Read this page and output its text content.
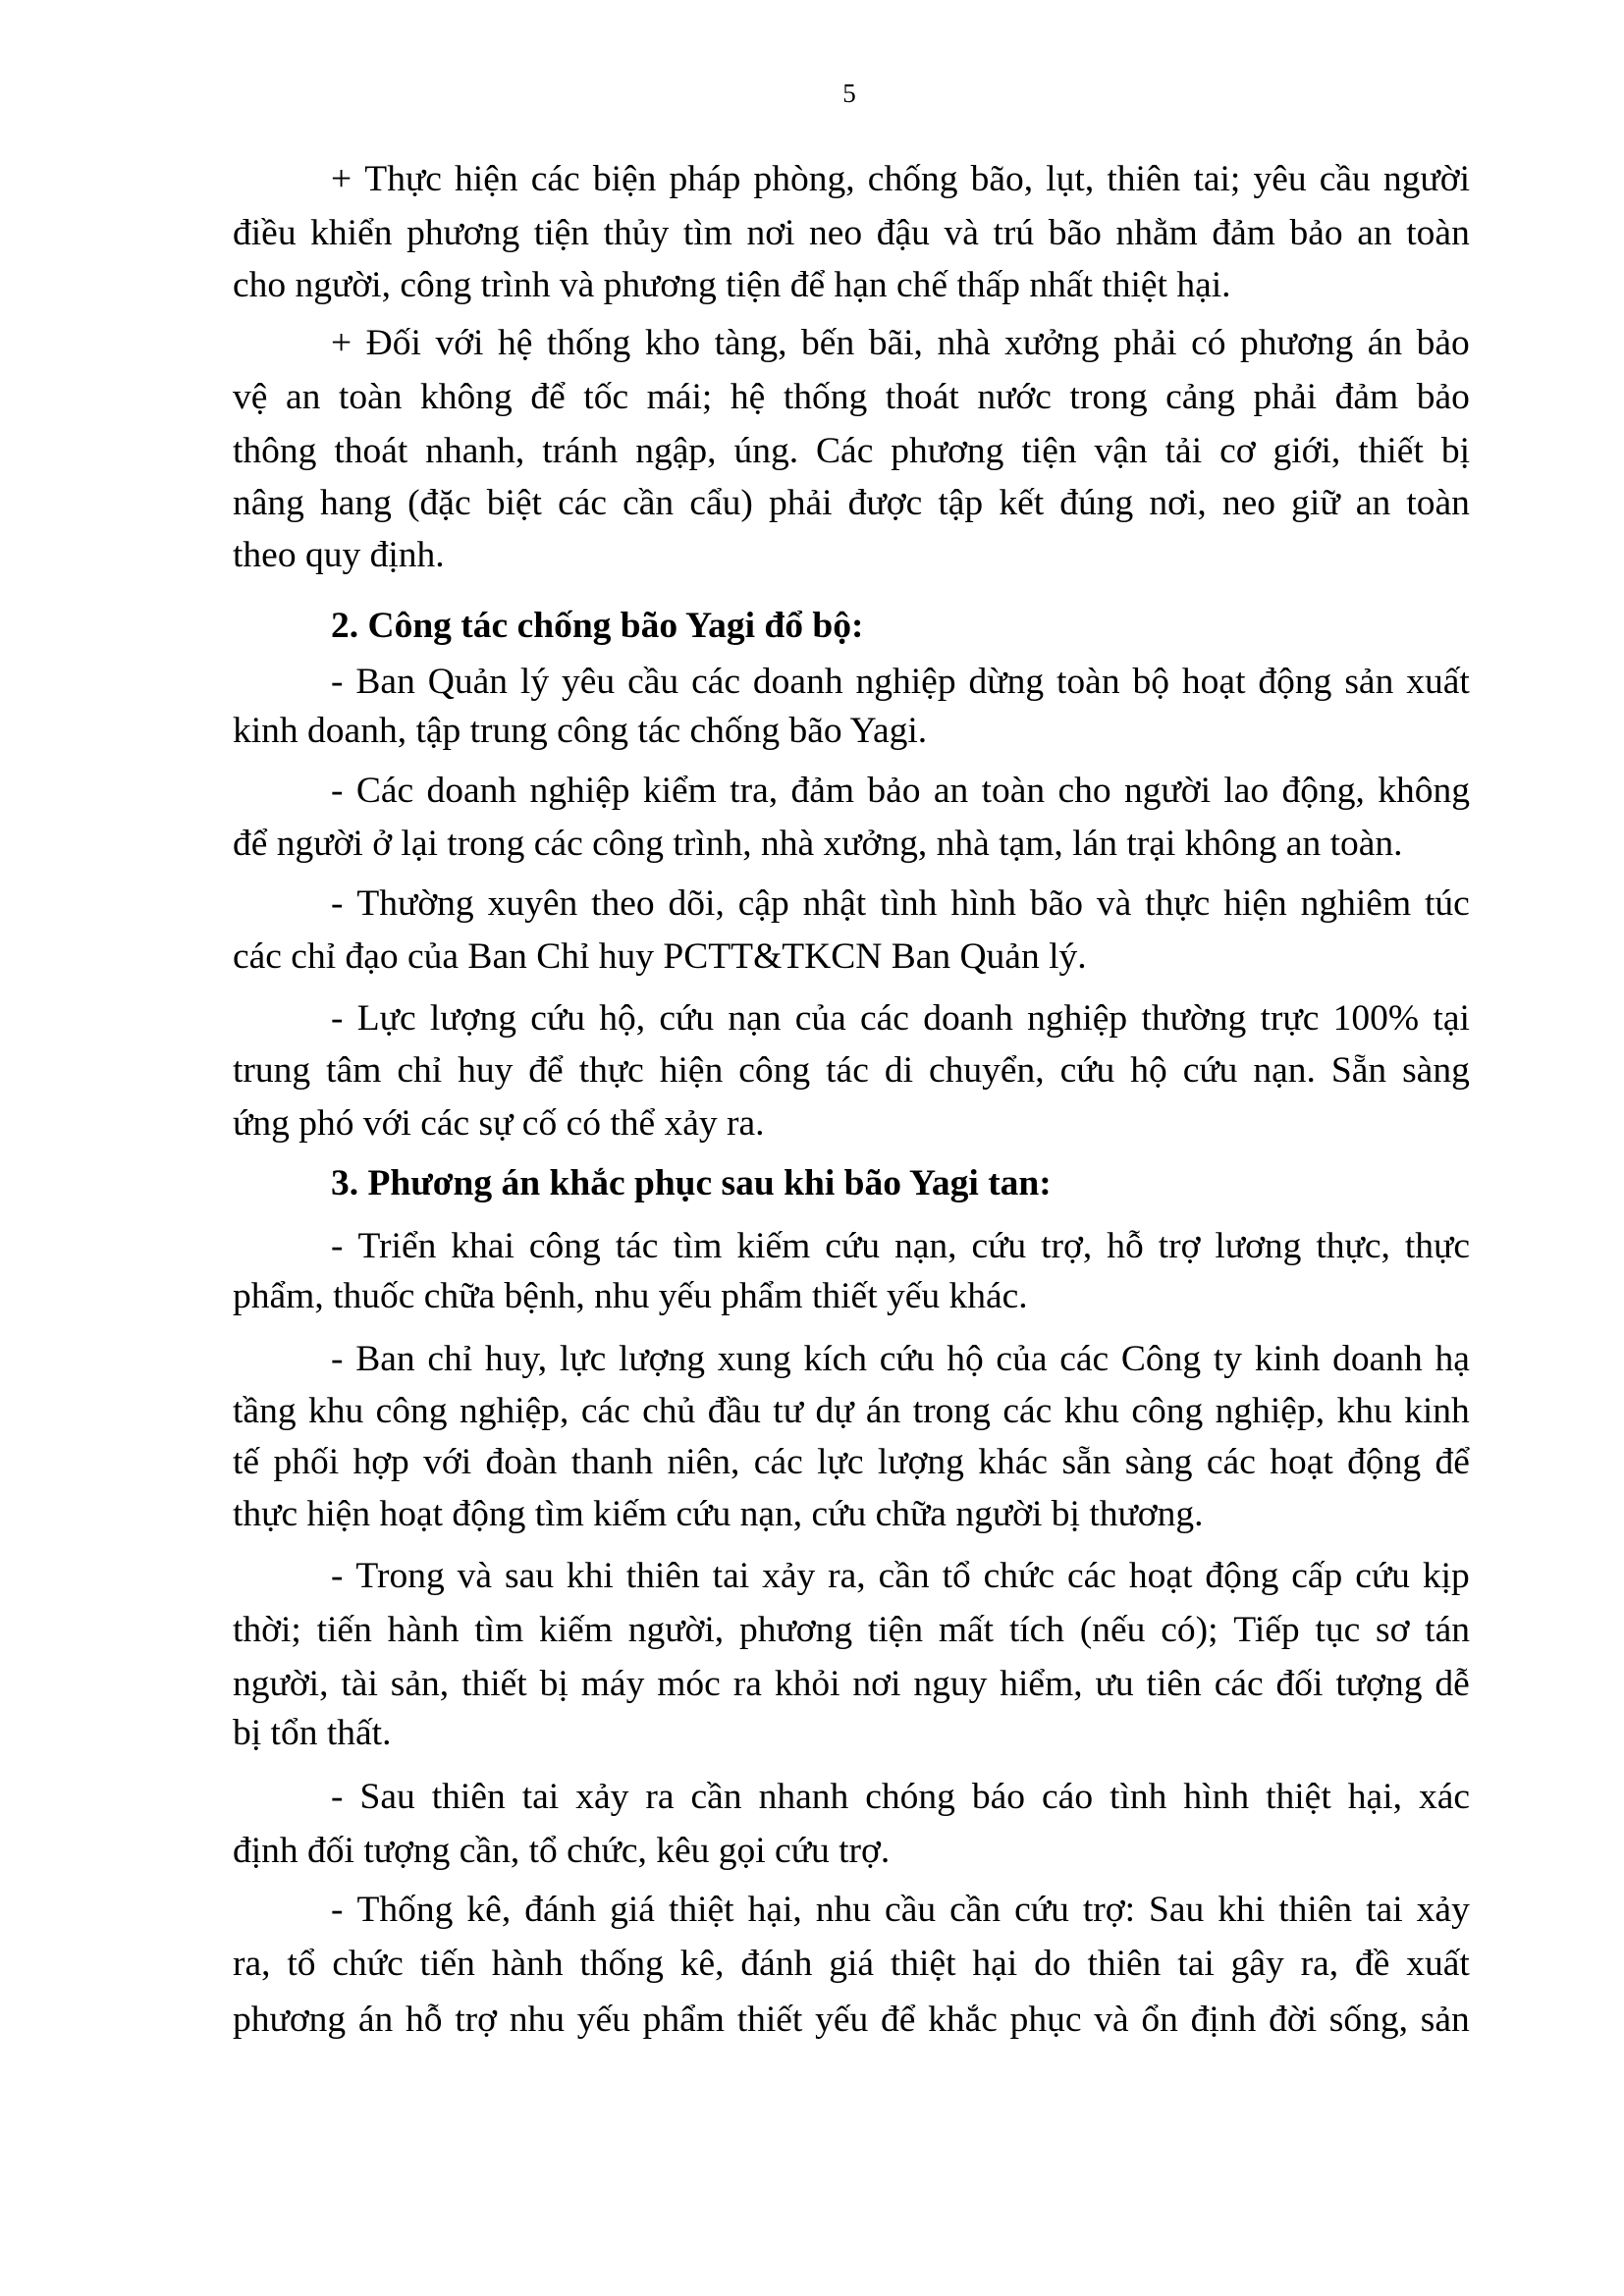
5
+ Thực hiện các biện pháp phòng, chống bão, lụt, thiên tai; yêu cầu người
điều khiển phương tiện thủy tìm nơi neo đậu và trú bão nhằm đảm bảo an toàn
cho người, công trình và phương tiện để hạn chế thấp nhất thiệt hại.
+ Đối với hệ thống kho tàng, bến bãi, nhà xưởng phải có phương án bảo
vệ an toàn không để tốc mái; hệ thống thoát nước trong cảng phải đảm bảo
thông thoát nhanh, tránh ngập, úng. Các phương tiện vận tải cơ giới, thiết bị
nâng hang (đặc biệt các cần cẩu) phải được tập kết đúng nơi, neo giữ an toàn
theo quy định.
2. Công tác chống bão Yagi đổ bộ:
- Ban Quản lý yêu cầu các doanh nghiệp dừng toàn bộ hoạt động sản xuất
kinh doanh, tập trung công tác chống bão Yagi.
- Các doanh nghiệp kiểm tra, đảm bảo an toàn cho người lao động, không
để người ở lại trong các công trình, nhà xưởng, nhà tạm, lán trại không an toàn.
- Thường xuyên theo dõi, cập nhật tình hình bão và thực hiện nghiêm túc
các chỉ đạo của Ban Chỉ huy PCTT&TKCN Ban Quản lý.
- Lực lượng cứu hộ, cứu nạn của các doanh nghiệp thường trực 100% tại
trung tâm chỉ huy để thực hiện công tác di chuyển, cứu hộ cứu nạn. Sẵn sàng
ứng phó với các sự cố có thể xảy ra.
3. Phương án khắc phục sau khi bão Yagi tan:
- Triển khai công tác tìm kiếm cứu nạn, cứu trợ, hỗ trợ lương thực, thực
phẩm, thuốc chữa bệnh, nhu yếu phẩm thiết yếu khác.
- Ban chỉ huy, lực lượng xung kích cứu hộ của các Công ty kinh doanh hạ
tầng khu công nghiệp, các chủ đầu tư dự án trong các khu công nghiệp, khu kinh
tế phối hợp với đoàn thanh niên, các lực lượng khác sẵn sàng các hoạt động để
thực hiện hoạt động tìm kiếm cứu nạn, cứu chữa người bị thương.
- Trong và sau khi thiên tai xảy ra, cần tổ chức các hoạt động cấp cứu kịp
thời; tiến hành tìm kiếm người, phương tiện mất tích (nếu có); Tiếp tục sơ tán
người, tài sản, thiết bị máy móc ra khỏi nơi nguy hiểm, ưu tiên các đối tượng dễ
bị tổn thất.
- Sau thiên tai xảy ra cần nhanh chóng báo cáo tình hình thiệt hại, xác
định đối tượng cần, tổ chức, kêu gọi cứu trợ.
- Thống kê, đánh giá thiệt hại, nhu cầu cần cứu trợ: Sau khi thiên tai xảy
ra, tổ chức tiến hành thống kê, đánh giá thiệt hại do thiên tai gây ra, đề xuất
phương án hỗ trợ nhu yếu phẩm thiết yếu để khắc phục và ổn định đời sống, sản
